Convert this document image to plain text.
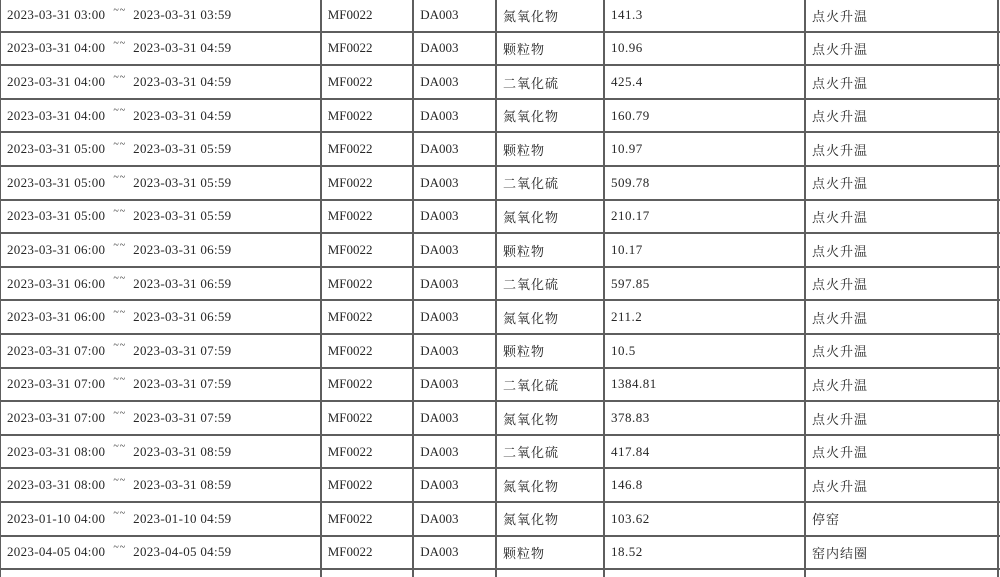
2023-03-31 03:00 ~~ 2023-03-31 03:59	MF0022	DA003	氮氧化物	141.3	点火升温
2023-03-31 04:00 ~~ 2023-03-31 04:59	MF0022	DA003	颗粒物	10.96	点火升温
2023-03-31 04:00 ~~ 2023-03-31 04:59	MF0022	DA003	二氧化硫	425.4	点火升温
2023-03-31 04:00 ~~ 2023-03-31 04:59	MF0022	DA003	氮氧化物	160.79	点火升温
2023-03-31 05:00 ~~ 2023-03-31 05:59	MF0022	DA003	颗粒物	10.97	点火升温
2023-03-31 05:00 ~~ 2023-03-31 05:59	MF0022	DA003	二氧化硫	509.78	点火升温
2023-03-31 05:00 ~~ 2023-03-31 05:59	MF0022	DA003	氮氧化物	210.17	点火升温
2023-03-31 06:00 ~~ 2023-03-31 06:59	MF0022	DA003	颗粒物	10.17	点火升温
2023-03-31 06:00 ~~ 2023-03-31 06:59	MF0022	DA003	二氧化硫	597.85	点火升温
2023-03-31 06:00 ~~ 2023-03-31 06:59	MF0022	DA003	氮氧化物	211.2	点火升温
2023-03-31 07:00 ~~ 2023-03-31 07:59	MF0022	DA003	颗粒物	10.5	点火升温
2023-03-31 07:00 ~~ 2023-03-31 07:59	MF0022	DA003	二氧化硫	1384.81	点火升温
2023-03-31 07:00 ~~ 2023-03-31 07:59	MF0022	DA003	氮氧化物	378.83	点火升温
2023-03-31 08:00 ~~ 2023-03-31 08:59	MF0022	DA003	二氧化硫	417.84	点火升温
2023-03-31 08:00 ~~ 2023-03-31 08:59	MF0022	DA003	氮氧化物	146.8	点火升温
2023-01-10 04:00 ~~ 2023-01-10 04:59	MF0022	DA003	氮氧化物	103.62	停窑
2023-04-05 04:00 ~~ 2023-04-05 04:59	MF0022	DA003	颗粒物	18.52	窑内结圈
